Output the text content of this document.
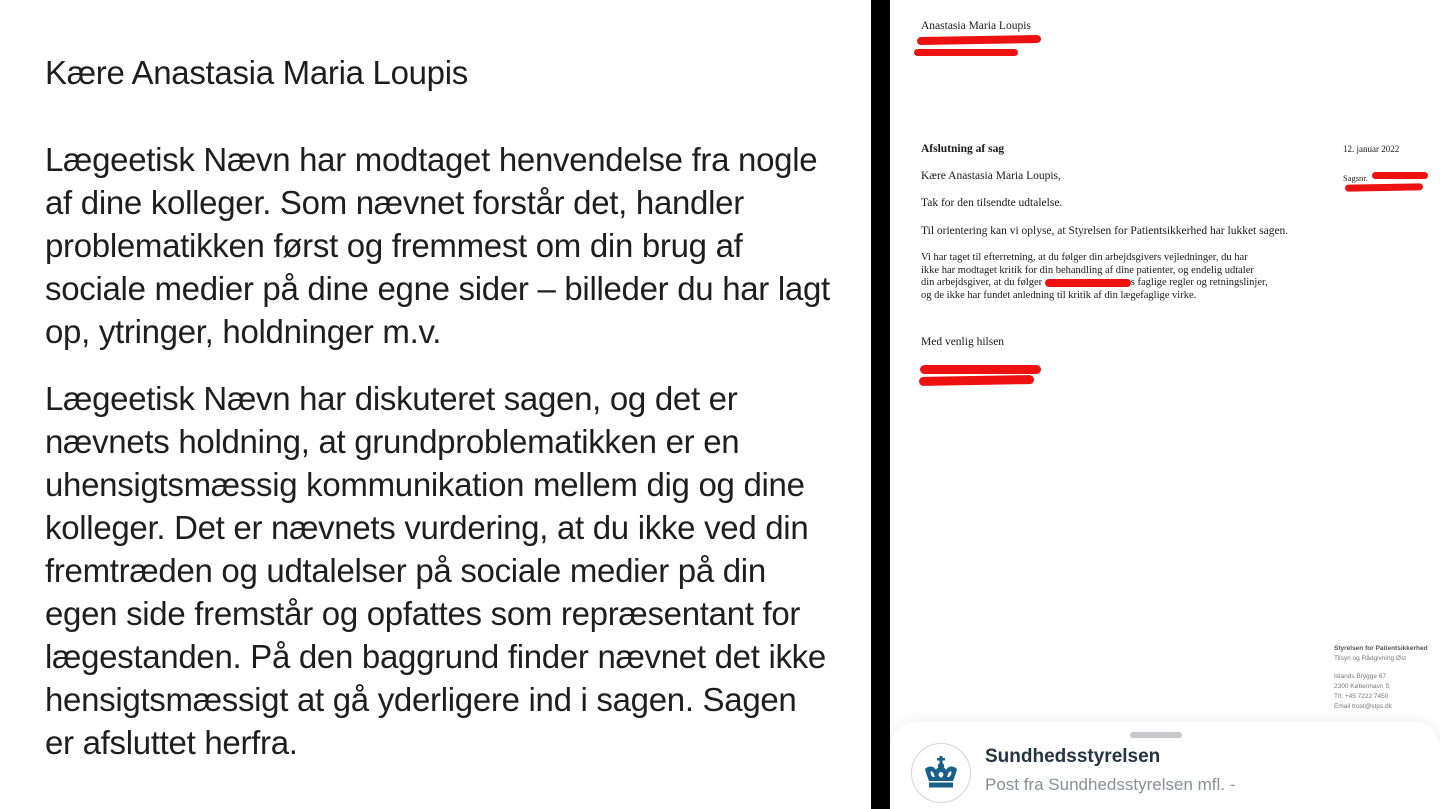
Kære Anastasia Maria Loupis
Lægeetisk Nævn har modtaget henvendelse fra nogle
af dine kolleger. Som nævnet forstår det, handler
problematikken først og fremmest om din brug af
sociale medier på dine egne sider – billeder du har lagt
op, ytringer, holdninger m.v.
Lægeetisk Nævn har diskuteret sagen, og det er
nævnets holdning, at grundproblematikken er en
uhensigtsmæssig kommunikation mellem dig og dine
kolleger. Det er nævnets vurdering, at du ikke ved din
fremtræden og udtalelser på sociale medier på din
egen side fremstår og opfattes som repræsentant for
lægestanden. På den baggrund finder nævnet det ikke
hensigtsmæssigt at gå yderligere ind i sagen. Sagen
er afsluttet herfra.
Anastasia Maria Loupis
Afslutning af sag	12. januar 2022
Sagsnr.
Kære Anastasia Maria Loupis,
Tak for den tilsendte udtalelse.
Til orientering kan vi oplyse, at Styrelsen for Patientsikkerhed har lukket sagen.
Vi har taget til efterretning, at du følger din arbejdsgivers vejledninger, du har
ikke har modtaget kritik for din behandling af dine patienter, og endelig udtaler
din arbejdsgiver, at du følger	s faglige regler og retningslinjer,
og de ikke har fundet anledning til kritik af din lægefaglige virke.
Med venlig hilsen
Styrelsen for Patientsikkerhed
Tilsyn og Rådgivning Øst
Islands Brygge 67
2300 København S
Tlf. +45 7222 7450
Email trost@stps.dk
Sundhedsstyrelsen
Post fra Sundhedsstyrelsen mfl. -
